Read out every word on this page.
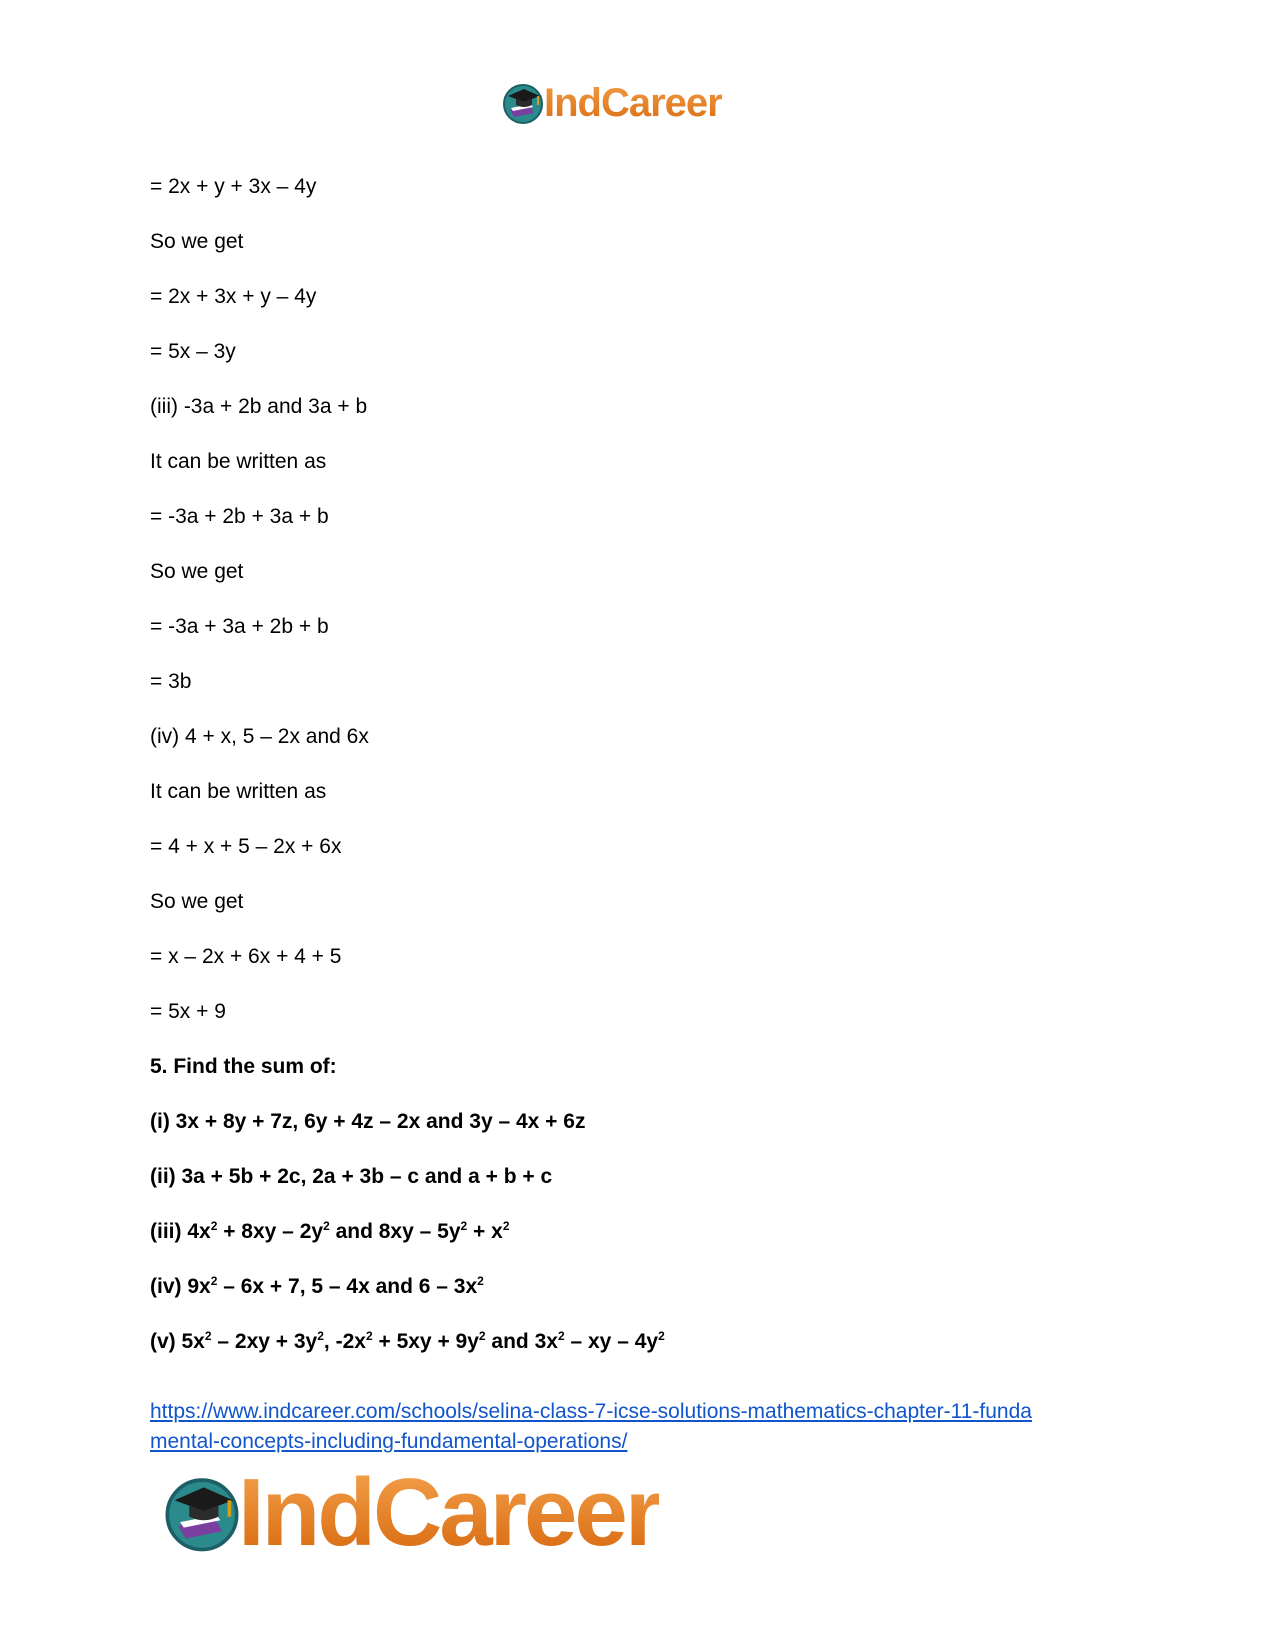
IndCareer
= 2x + y + 3x – 4y
So we get
= 2x + 3x + y – 4y
= 5x – 3y
(iii) -3a + 2b and 3a + b
It can be written as
= -3a + 2b + 3a + b
So we get
= -3a + 3a + 2b + b
= 3b
(iv) 4 + x, 5 – 2x and 6x
It can be written as
= 4 + x + 5 – 2x + 6x
So we get
= x – 2x + 6x + 4 + 5
= 5x + 9
5. Find the sum of:
(i) 3x + 8y + 7z, 6y + 4z – 2x and 3y – 4x + 6z
(ii) 3a + 5b + 2c, 2a + 3b – c and a + b + c
(iii) $4x^2 + 8xy - 2y^2$ and $8xy - 5y^2 + x^2$
(iv) $9x^2 - 6x + 7$, 5 – 4x and $6 - 3x^2$
(v) $5x^2 - 2xy + 3y^2$, $-2x^2 + 5xy + 9y^2$ and $3x^2$ – xy – $4y^2$
https://www.indcareer.com/schools/selina-class-7-icse-solutions-mathematics-chapter-11-funda
mental-concepts-including-fundamental-operations/
IndCareer
